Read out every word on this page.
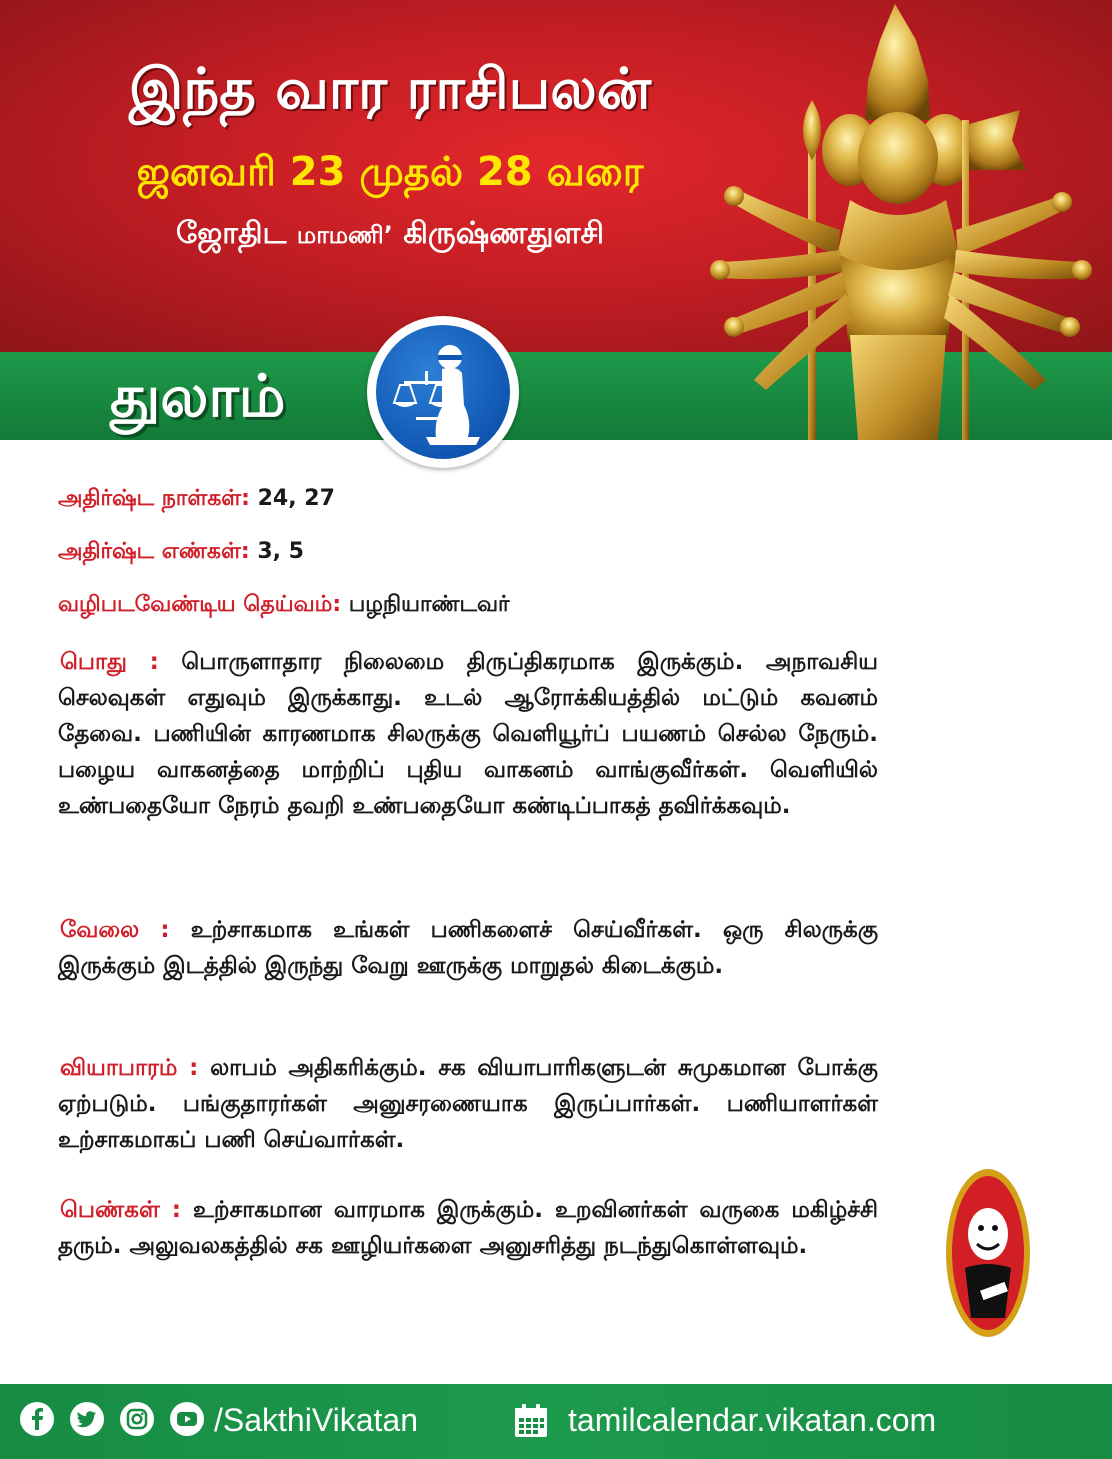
இந்த வார ராசிபலன்
ஜனவரி 23 முதல் 28 வரை
ஜோதிட மாமணி’ கிருஷ்ணதுளசி
துலாம்
அதிர்ஷ்ட நாள்கள்: 24, 27
அதிர்ஷ்ட எண்கள்: 3, 5
வழிபடவேண்டிய தெய்வம்: பழநியாண்டவர்
பொது : பொருளாதார நிலைமை திருப்திகரமாக இருக்கும். அநாவசிய செலவுகள் எதுவும் இருக்காது. உடல் ஆரோக்கியத்தில் மட்டும் கவனம் தேவை. பணியின் காரணமாக சிலருக்கு வெளியூர்ப் பயணம் செல்ல நேரும். பழைய வாகனத்தை மாற்றிப் புதிய வாகனம் வாங்குவீர்கள். வெளியில் உண்பதையோ நேரம் தவறி உண்பதையோ கண்டிப்பாகத் தவிர்க்கவும்.
வேலை : உற்சாகமாக உங்கள் பணிகளைச் செய்வீர்கள். ஒரு சிலருக்கு இருக்கும் இடத்தில் இருந்து வேறு ஊருக்கு மாறுதல் கிடைக்கும்.
வியாபாரம் : லாபம் அதிகரிக்கும். சக வியாபாரிகளுடன் சுமுகமான போக்கு ஏற்படும். பங்குதாரர்கள் அனுசரணையாக இருப்பார்கள். பணியாளர்கள் உற்சாகமாகப் பணி செய்வார்கள்.
பெண்கள் : உற்சாகமான வாரமாக இருக்கும். உறவினர்கள் வருகை மகிழ்ச்சி தரும். அலுவலகத்தில் சக ஊழியர்களை அனுசரித்து நடந்துகொள்ளவும்.
/SakthiVikatan	tamilcalendar.vikatan.com
